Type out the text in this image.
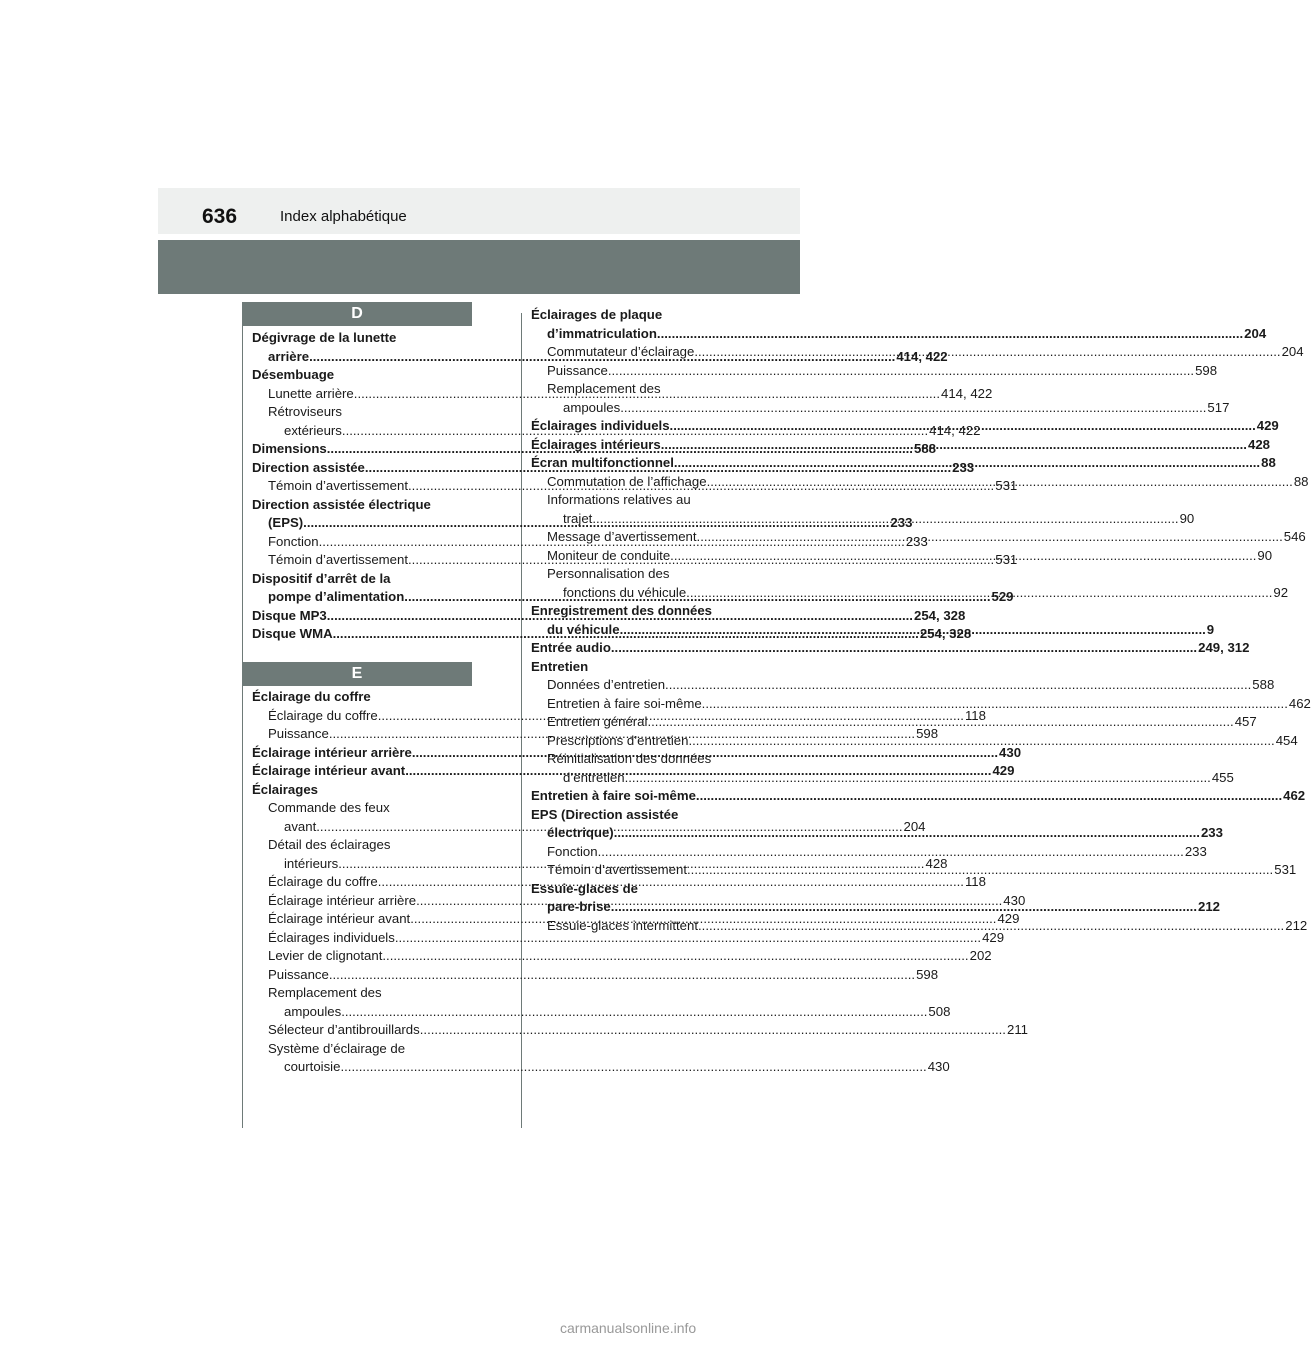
636	Index alphabétique
D
Dégivrage de la lunette
arrière .....	414, 422
Désembuage
Lunette arrière .....	414, 422
Rétroviseurs
extérieurs .....	414, 422
Dimensions .....	588
Direction assistée .....	233
Témoin d’avertissement .....	531
Direction assistée électrique
(EPS) .....	233
Fonction .....	233
Témoin d’avertissement .....	531
Dispositif d’arrêt de la
pompe d’alimentation .....	529
Disque MP3 .....	254, 328
Disque WMA .....	254, 328
E
Éclairage du coffre
Éclairage du coffre .....	118
Puissance .....	598
Éclairage intérieur arrière .....	430
Éclairage intérieur avant .....	429
Éclairages
Commande des feux
avant .....	204
Détail des éclairages
intérieurs .....	428
Éclairage du coffre .....	118
Éclairage intérieur arrière .....	430
Éclairage intérieur avant .....	429
Éclairages individuels .....	429
Levier de clignotant .....	202
Puissance .....	598
Remplacement des
ampoules .....	508
Sélecteur d’antibrouillards .....	211
Système d’éclairage de
courtoisie .....	430
Éclairages de plaque
d’immatriculation .....	204
Commutateur d’éclairage .....	204
Puissance .....	598
Remplacement des
ampoules .....	517
Éclairages individuels .....	429
Éclairages intérieurs .....	428
Écran multifonctionnel .....	88
Commutation de l’affichage .....	88
Informations relatives au
trajet .....	90
Message d’avertissement .....	546
Moniteur de conduite .....	90
Personnalisation des
fonctions du véhicule .....	92
Enregistrement des données
du véhicule .....	9
Entrée audio .....	249, 312
Entretien
Données d’entretien .....	588
Entretien à faire soi-même .....	462
Entretien général .....	457
Prescriptions d’entretien .....	454
Réinitialisation des données
d’entretien .....	455
Entretien à faire soi-même .....	462
EPS (Direction assistée
électrique) .....	233
Fonction .....	233
Témoin d’avertissement .....	531
Essuie-glaces de
pare-brise .....	212
Essuie-glaces intermittent .....	212
carmanualsonline.info
